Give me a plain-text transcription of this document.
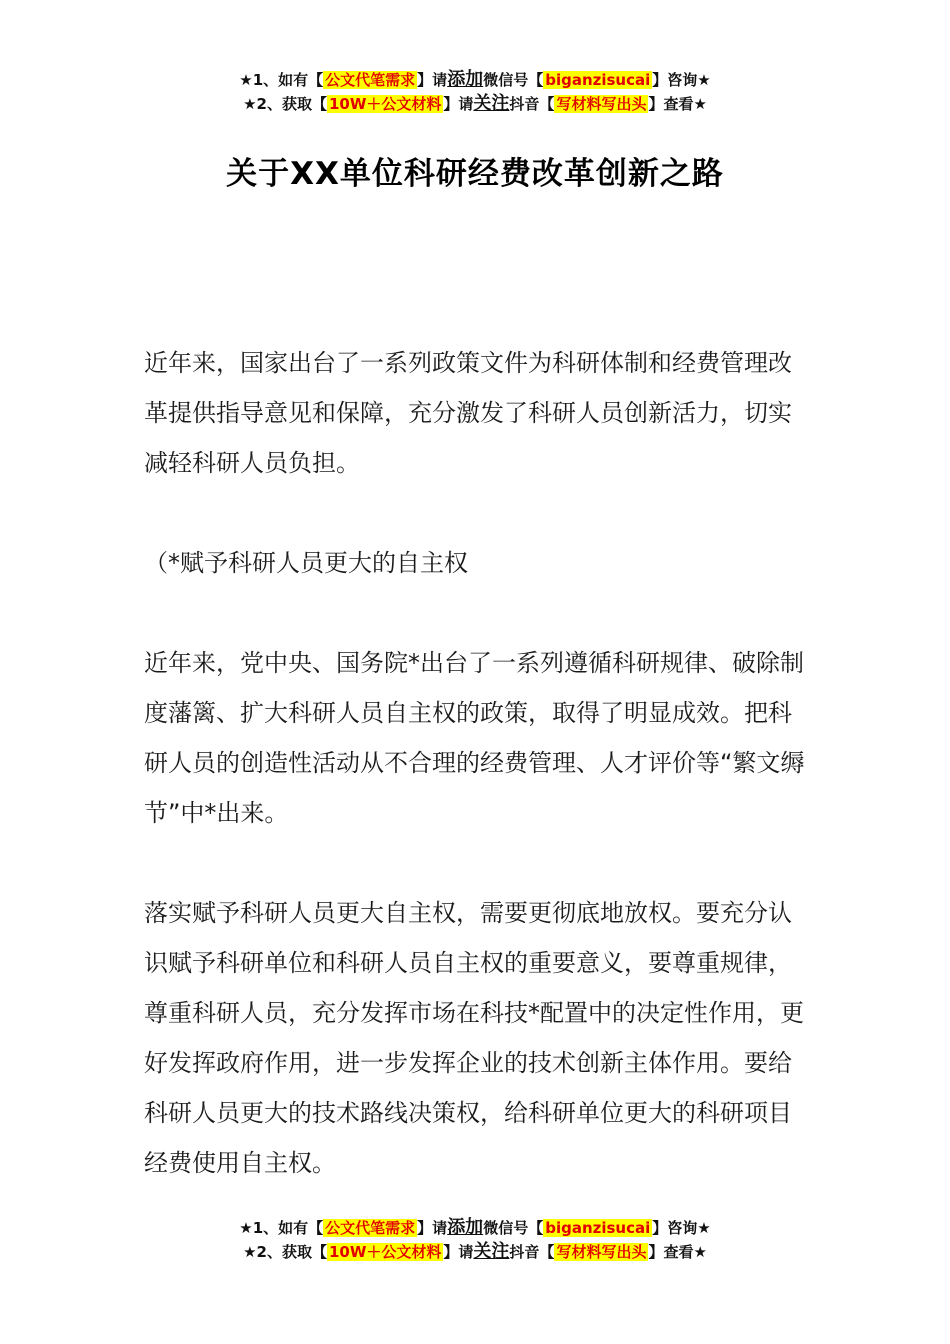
★1、如有【 公文代笔需求 】请添加微信号【 biganzisucai 】咨询★
★2、获取【 10W＋公文材料 】请关注抖音【 写材料写出头 】查看★
关于XX单位科研经费改革创新之路

近年来，国家出台了一系列政策文件为科研体制和经费管理改革提供指导意见和保障，充分激发了科研人员创新活力，切实减轻科研人员负担。

（*赋予科研人员更大的自主权

近年来，党中央、国务院*出台了一系列遵循科研规律、破除制度藩篱、扩大科研人员自主权的政策，取得了明显成效。把科研人员的创造性活动从不合理的经费管理、人才评价等“繁文缛节”中*出来。

落实赋予科研人员更大自主权，需要更彻底地放权。要充分认识赋予科研单位和科研人员自主权的重要意义，要尊重规律，尊重科研人员，充分发挥市场在科技*配置中的决定性作用，更好发挥政府作用，进一步发挥企业的技术创新主体作用。要给科研人员更大的技术路线决策权，给科研单位更大的科研项目经费使用自主权。

★1、如有【 公文代笔需求 】请添加微信号【 biganzisucai 】咨询★
★2、获取【 10W＋公文材料 】请关注抖音【 写材料写出头 】查看★
